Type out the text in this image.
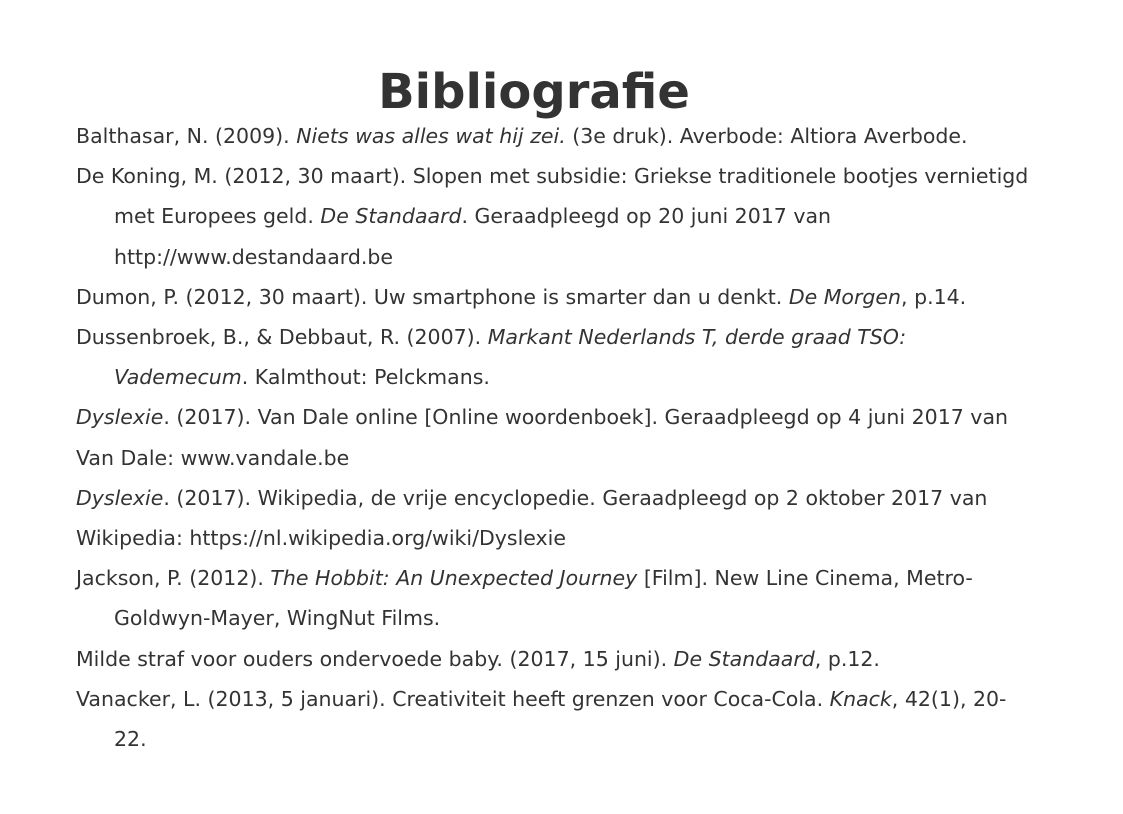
Bibliografie

Balthasar, N. (2009). Niets was alles wat hij zei. (3e druk). Averbode: Altiora Averbode.

De Koning, M. (2012, 30 maart). Slopen met subsidie: Griekse traditionele bootjes vernietigd met Europees geld. De Standaard. Geraadpleegd op 20 juni 2017 van http://www.destandaard.be

Dumon, P. (2012, 30 maart). Uw smartphone is smarter dan u denkt. De Morgen, p.14.

Dussenbroek, B., & Debbaut, R. (2007). Markant Nederlands T, derde graad TSO: Vademecum. Kalmthout: Pelckmans.

Dyslexie. (2017). Van Dale online [Online woordenboek]. Geraadpleegd op 4 juni 2017 van Van Dale: www.vandale.be

Dyslexie. (2017). Wikipedia, de vrije encyclopedie. Geraadpleegd op 2 oktober 2017 van Wikipedia: https://nl.wikipedia.org/wiki/Dyslexie

Jackson, P. (2012). The Hobbit: An Unexpected Journey [Film]. New Line Cinema, Metro-Goldwyn-Mayer, WingNut Films.

Milde straf voor ouders ondervoede baby. (2017, 15 juni). De Standaard, p.12.

Vanacker, L. (2013, 5 januari). Creativiteit heeft grenzen voor Coca-Cola. Knack, 42(1), 20-22.
